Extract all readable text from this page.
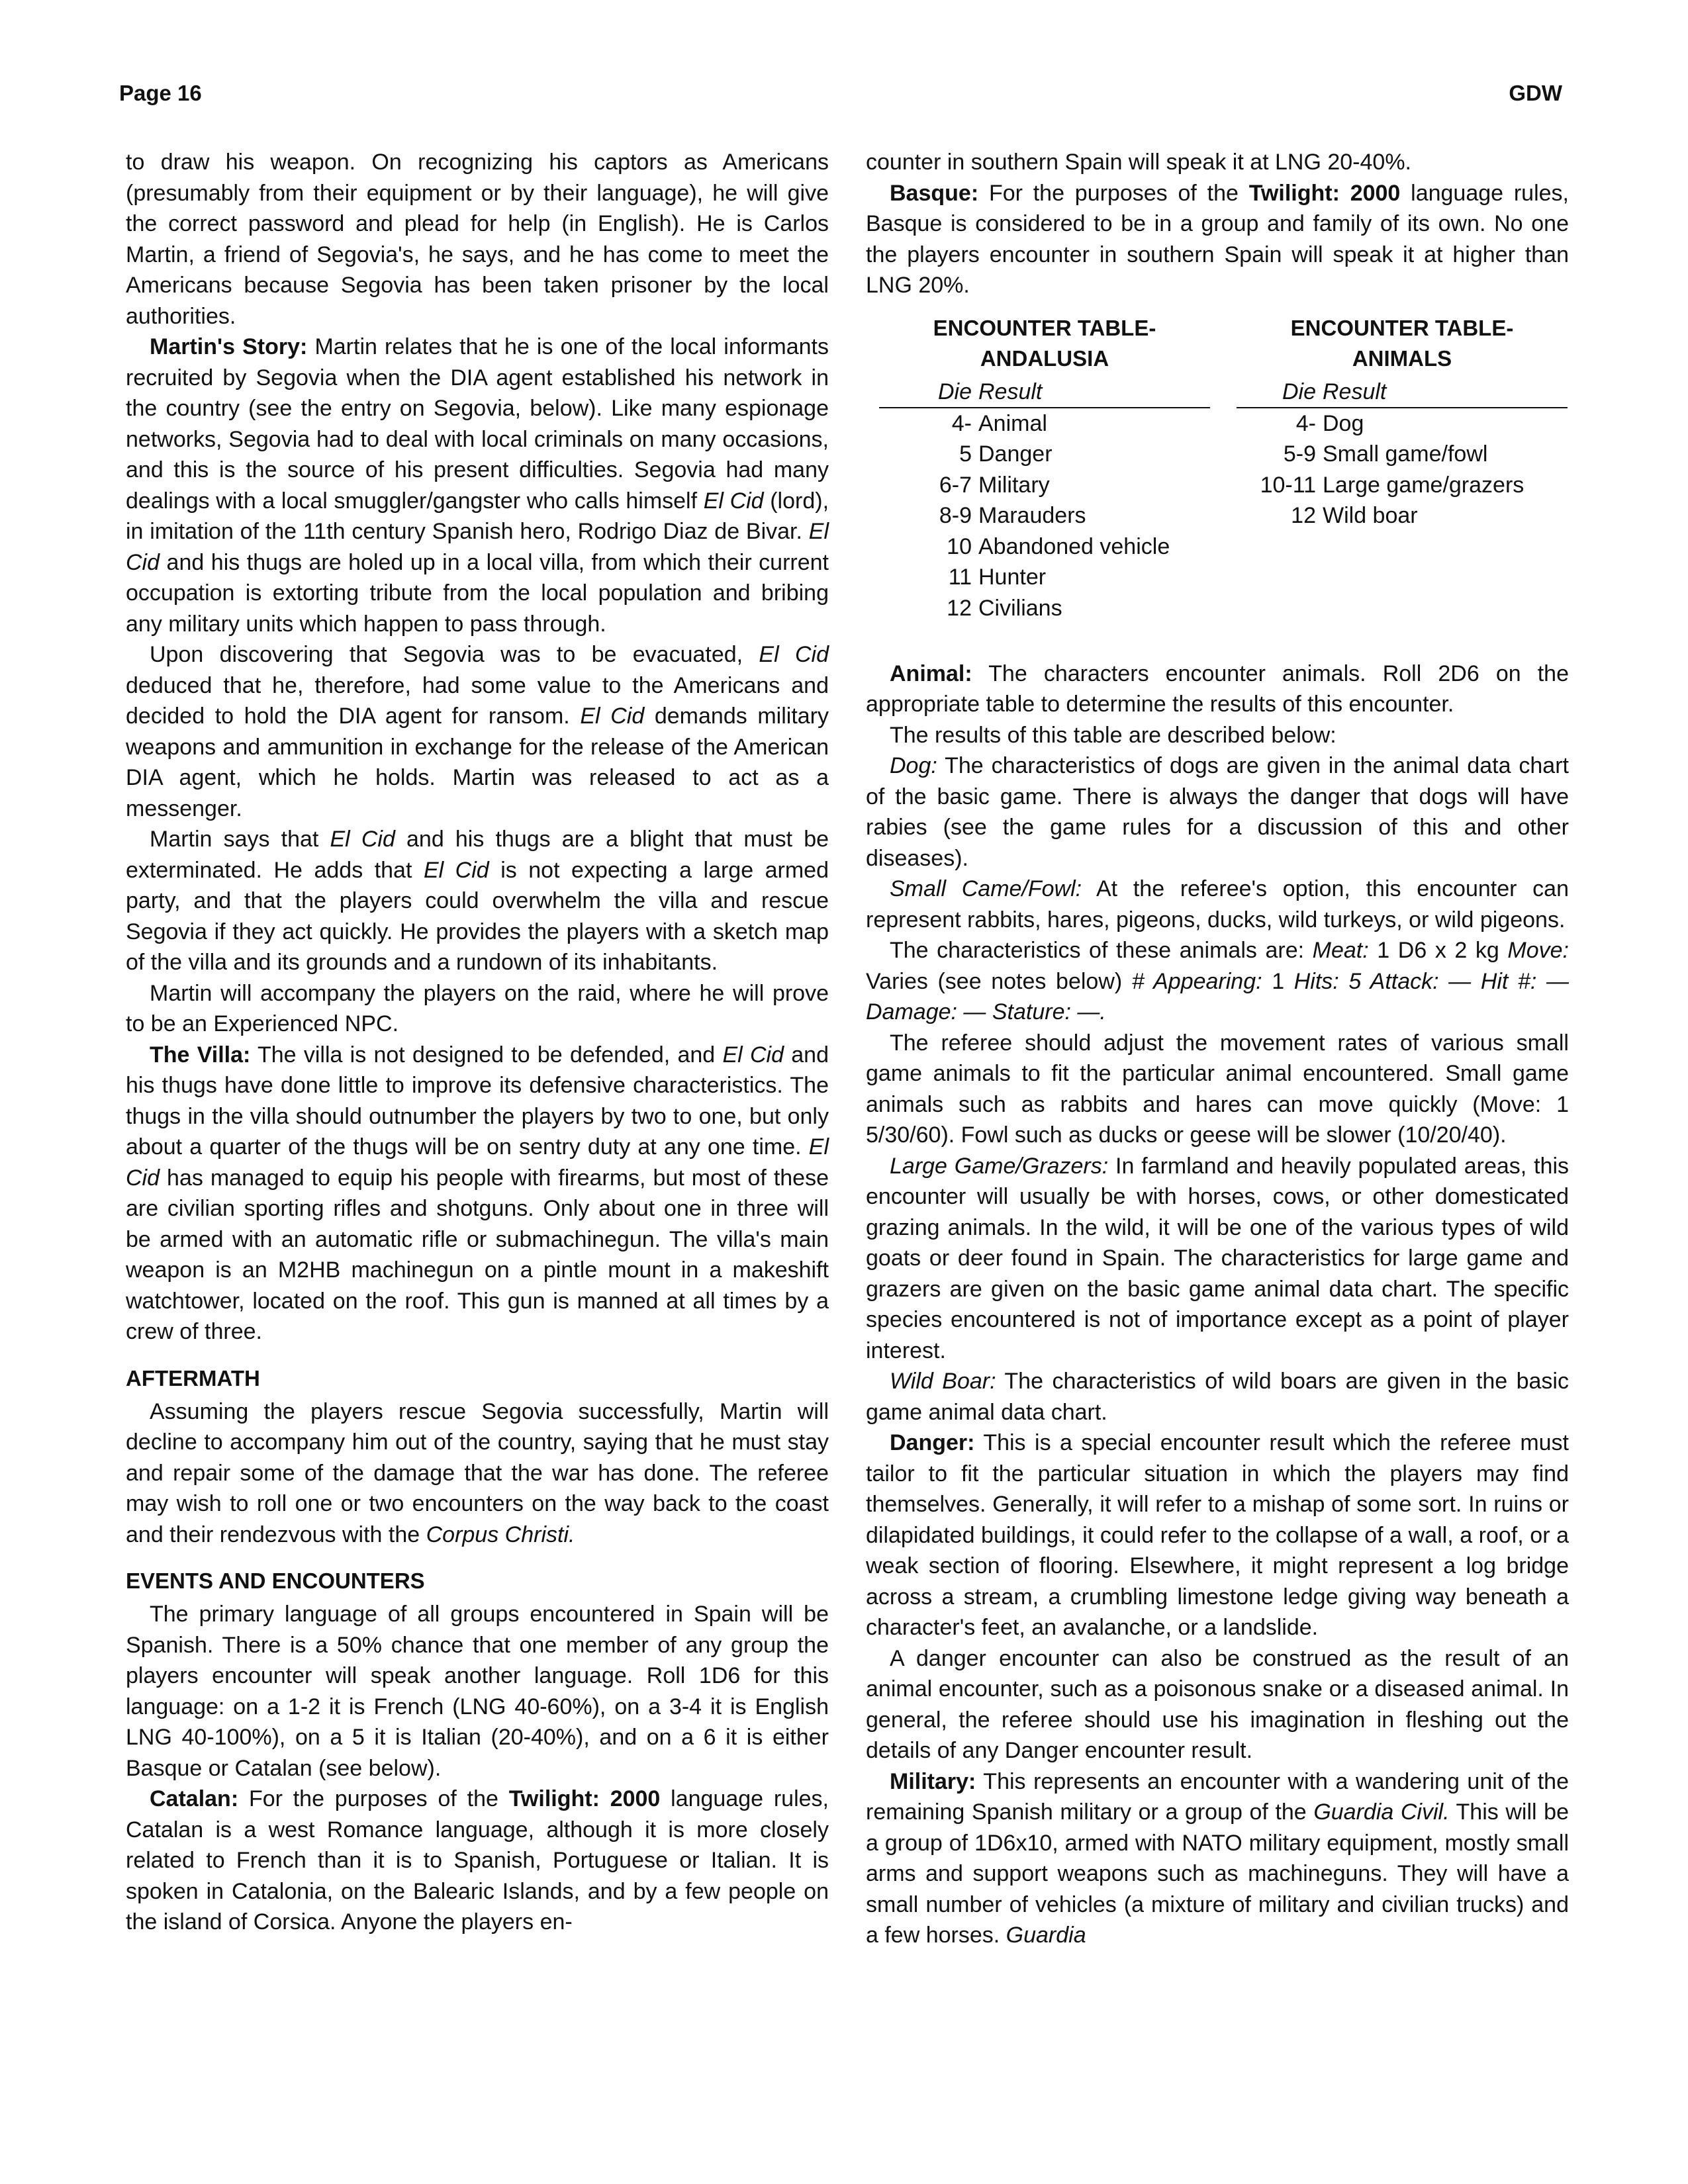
Page 16	GDW

to draw his weapon. On recognizing his captors as Americans (presumably from their equipment or by their language), he will give the correct password and plead for help (in English). He is Carlos Martin, a friend of Segovia's, he says, and he has come to meet the Americans because Segovia has been taken prisoner by the local authorities.

Martin's Story: Martin relates that he is one of the local informants recruited by Segovia when the DIA agent established his network in the country (see the entry on Segovia, below). Like many espionage networks, Segovia had to deal with local criminals on many occasions, and this is the source of his present difficulties. Segovia had many dealings with a local smuggler/gangster who calls himself El Cid (lord), in imitation of the 11th century Spanish hero, Rodrigo Diaz de Bivar. El Cid and his thugs are holed up in a local villa, from which their current occupation is extorting tribute from the local population and bribing any military units which happen to pass through.

Upon discovering that Segovia was to be evacuated, El Cid deduced that he, therefore, had some value to the Americans and decided to hold the DIA agent for ransom. El Cid demands military weapons and ammunition in exchange for the release of the American DIA agent, which he holds. Martin was released to act as a messenger.

Martin says that El Cid and his thugs are a blight that must be exterminated. He adds that El Cid is not expecting a large armed party, and that the players could overwhelm the villa and rescue Segovia if they act quickly. He provides the players with a sketch map of the villa and its grounds and a rundown of its inhabitants.

Martin will accompany the players on the raid, where he will prove to be an Experienced NPC.

The Villa: The villa is not designed to be defended, and El Cid and his thugs have done little to improve its defensive characteristics. The thugs in the villa should outnumber the players by two to one, but only about a quarter of the thugs will be on sentry duty at any one time. El Cid has managed to equip his people with firearms, but most of these are civilian sporting rifles and shotguns. Only about one in three will be armed with an automatic rifle or submachinegun. The villa's main weapon is an M2HB machinegun on a pintle mount in a makeshift watchtower, located on the roof. This gun is manned at all times by a crew of three.

AFTERMATH

Assuming the players rescue Segovia successfully, Martin will decline to accompany him out of the country, saying that he must stay and repair some of the damage that the war has done. The referee may wish to roll one or two encounters on the way back to the coast and their rendezvous with the Corpus Christi.

EVENTS AND ENCOUNTERS

The primary language of all groups encountered in Spain will be Spanish. There is a 50% chance that one member of any group the players encounter will speak another language. Roll 1D6 for this language: on a 1-2 it is French (LNG 40-60%), on a 3-4 it is English LNG 40-100%), on a 5 it is Italian (20-40%), and on a 6 it is either Basque or Catalan (see below).

Catalan: For the purposes of the Twilight: 2000 language rules, Catalan is a west Romance language, although it is more closely related to French than it is to Spanish, Portuguese or Italian. It is spoken in Catalonia, on the Balearic Islands, and by a few people on the island of Corsica. Anyone the players en-

counter in southern Spain will speak it at LNG 20-40%.

Basque: For the purposes of the Twilight: 2000 language rules, Basque is considered to be in a group and family of its own. No one the players encounter in southern Spain will speak it at higher than LNG 20%.

ENCOUNTER TABLE-
ANDALUSIA
Die Result
4- Animal
5 Danger
6-7 Military
8-9 Marauders
10 Abandoned vehicle
11 Hunter
12 Civilians
ENCOUNTER TABLE-
ANIMALS
Die Result
4- Dog
5-9 Small game/fowl
10-11 Large game/grazers
12 Wild boar

Animal: The characters encounter animals. Roll 2D6 on the appropriate table to determine the results of this encounter.

The results of this table are described below:

Dog: The characteristics of dogs are given in the animal data chart of the basic game. There is always the danger that dogs will have rabies (see the game rules for a discussion of this and other diseases).

Small Came/Fowl: At the referee's option, this encounter can represent rabbits, hares, pigeons, ducks, wild turkeys, or wild pigeons.

The characteristics of these animals are: Meat: 1 D6 x 2 kg Move: Varies (see notes below) # Appearing: 1 Hits: 5 Attack: — Hit #: — Damage: — Stature: —.

The referee should adjust the movement rates of various small game animals to fit the particular animal encountered. Small game animals such as rabbits and hares can move quickly (Move: 1 5/30/60). Fowl such as ducks or geese will be slower (10/20/40).

Large Game/Grazers: In farmland and heavily populated areas, this encounter will usually be with horses, cows, or other domesticated grazing animals. In the wild, it will be one of the various types of wild goats or deer found in Spain. The characteristics for large game and grazers are given on the basic game animal data chart. The specific species encountered is not of importance except as a point of player interest.

Wild Boar: The characteristics of wild boars are given in the basic game animal data chart.

Danger: This is a special encounter result which the referee must tailor to fit the particular situation in which the players may find themselves. Generally, it will refer to a mishap of some sort. In ruins or dilapidated buildings, it could refer to the collapse of a wall, a roof, or a weak section of flooring. Elsewhere, it might represent a log bridge across a stream, a crumbling limestone ledge giving way beneath a character's feet, an avalanche, or a landslide.

A danger encounter can also be construed as the result of an animal encounter, such as a poisonous snake or a diseased animal. In general, the referee should use his imagination in fleshing out the details of any Danger encounter result.

Military: This represents an encounter with a wandering unit of the remaining Spanish military or a group of the Guardia Civil. This will be a group of 1D6x10, armed with NATO military equipment, mostly small arms and support weapons such as machineguns. They will have a small number of vehicles (a mixture of military and civilian trucks) and a few horses. Guardia
